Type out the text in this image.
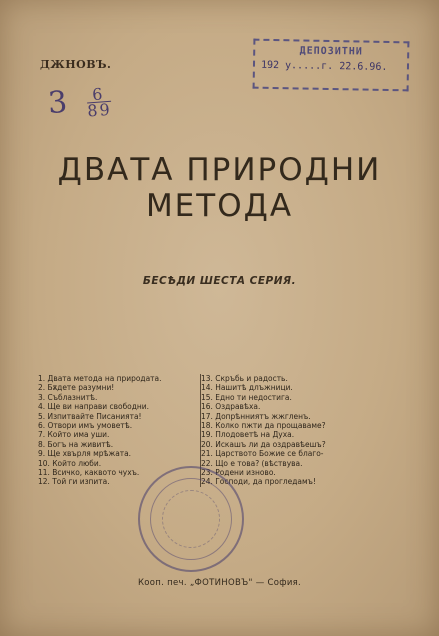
ДЖНОВЪ.
$3 \frac{6}{89}$
ДЕПОЗИТНИ
192 у.....г. 22.6.96.
ДВАТА ПРИРОДНИ
МЕТОДА
БЕСѢДИ ШЕСТА СЕРИЯ.
1. Двата метода на природата.
2. Бѫдете разумни!
3. Съблазнитѣ.
4. Ще ви направи свободни.
5. Изпитвайте Писанията!
6. Отвори имъ умоветѣ.
7. Който има уши.
8. Богъ на живитѣ.
9. Ще хвърля мрѣжата.
10. Който люби.
11. Всичко, каквото чухъ.
12. Той ги изпита.
13. Скръбь и радость.
14. Нашитѣ длъжници.
15. Едно ти недостига.
16. Оздравѣха.
17. Допрѣнниятъ жжгленъ.
18. Колко пжти да прощаваме?
19. Плодоветѣ на Духа.
20. Искашъ ли да оздравѣешъ?
21. Царството Божие се благо-
22. Що е това? (вѣствува.
23. Родени изново.
24. Господи, да прогледамъ!
Кооп. печ. „ФОТИНОВЪ" — София.
